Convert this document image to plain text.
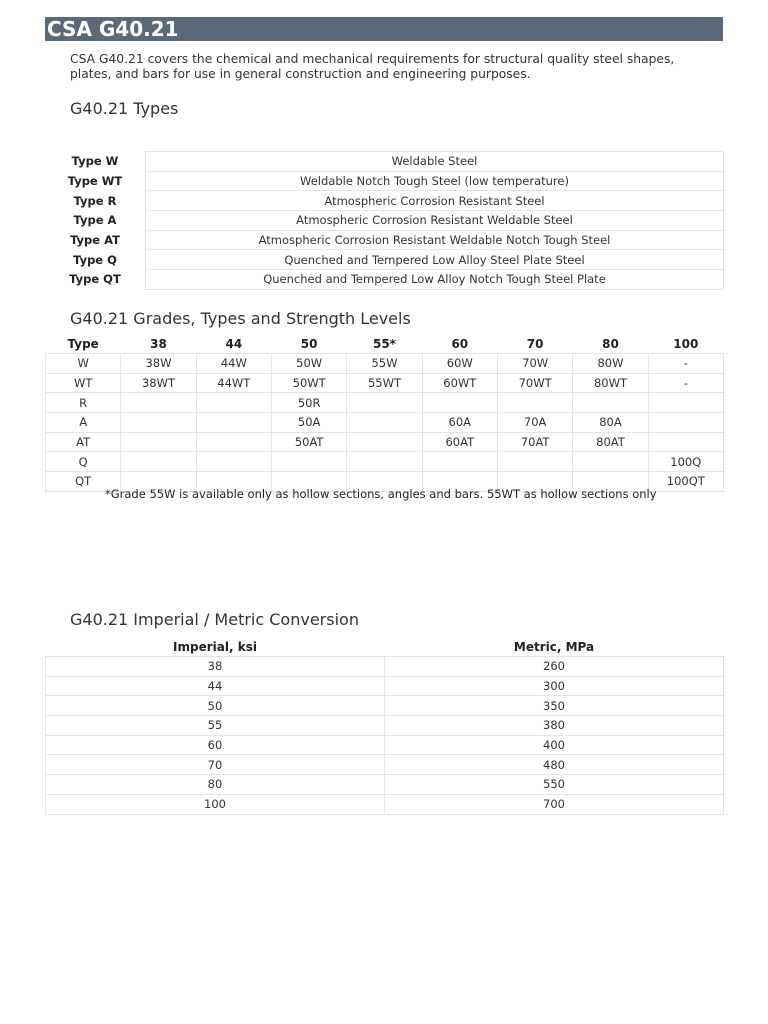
CSA G40.21
CSA G40.21 covers the chemical and mechanical requirements for structural quality steel shapes, plates, and bars for use in general construction and engineering purposes.
G40.21 Types
Type W	Weldable Steel
Type WT	Weldable Notch Tough Steel (low temperature)
Type R	Atmospheric Corrosion Resistant Steel
Type A	Atmospheric Corrosion Resistant Weldable Steel
Type AT	Atmospheric Corrosion Resistant Weldable Notch Tough Steel
Type Q	Quenched and Tempered Low Alloy Steel Plate Steel
Type QT	Quenched and Tempered Low Alloy Notch Tough Steel Plate
G40.21 Grades, Types and Strength Levels
Type	38	44	50	55*	60	70	80	100
W	38W	44W	50W	55W	60W	70W	80W	-
WT	38WT	44WT	50WT	55WT	60WT	70WT	80WT	-
R			50R					
A			50A		60A	70A	80A	
AT			50AT		60AT	70AT	80AT	
Q								100Q
QT								100QT
*Grade 55W is available only as hollow sections, angles and bars. 55WT as hollow sections only
G40.21 Imperial / Metric Conversion
Imperial, ksi	Metric, MPa
38	260
44	300
50	350
55	380
60	400
70	480
80	550
100	700
